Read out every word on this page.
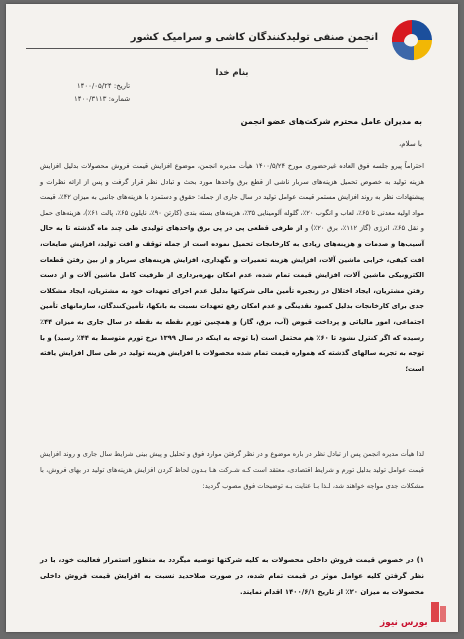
انجمن صنفی تولیدکنندگان کاشی و سرامیک کشور
بنام خدا
تاریخ: ۱۴۰۰/۰۵/۲۴
شماره: ۱۴۰۰/۳۱۱۳
به مدیران عامل محترم شرکت‌های عضو انجمن
با سلام،
احتراماً پیرو جلسه فوق العاده غیرحضوری مورخ ۱۴۰۰/۵/۲۴ هیأت مدیره انجمن، موضوع افزایش قیمت فروش محصولات بدلیل افزایش هزینه تولید به خصوص تحمیل هزینه‌های سربار ناشی از قطع برق واحدها مورد بحث و تبادل نظر قرار گرفت و پس از ارائه نظرات و پیشنهادات نظر به روند افزایش مستمر قیمت عوامل تولید در سال جاری از جمله: حقوق و دستمزد با هزینه‌های جانبی به میزان ۴۲٪، قیمت مواد اولیه معدنی تا ۶۵٪، لعاب و انگوب ۲۰٪، گلوله آلومینایی ۳۵٪، هزینه‌های بسته بندی (کارتن ۹۰٪، نایلون ۶۵٪، پالت ۶۱٪)، هزینه‌های حمل و نقل ۶۵٪، انرژی (گاز ۱۱۲٪، برق ۲۰٪) و از طرفی قطعی پی در پی برق واحدهای تولیدی طی چند ماه گذشته تا به حال آسیب‌ها و صدمات و هزینه‌های زیادی به کارخانجات تحمیل نموده است از جمله توقف و افت تولید، افزایش ضایعات، افت کیفی، خرابی ماشین آلات، افزایش هزینه تعمیرات و نگهداری، افزایش هزینه‌های سربار و از بین رفتن قطعات الکترونیکی ماشین آلات، افزایش قیمت تمام شده، عدم امکان بهره‌برداری از ظرفیت کامل ماشین آلات و از دست رفتن مشتریان، ایجاد اختلال در زنجیره تأمین مالی شرکتها بدلیل عدم اجرای تعهدات خود به مشتریان، ایجاد مشکلات جدی برای کارخانجات بدلیل کمبود نقدینگی و عدم امکان رفع تعهدات نسبت به بانکها، تأمین‌کنندگان، سازمانهای تأمین اجتماعی، امور مالیاتی و پرداخت قبوض (آب، برق، گاز) و همچنین تورم نقطه به نقطه در سال جاری به میزان ۴۴٪ رسیده که اگر کنترل نشود تا ۶۰٪ هم محتمل است (با توجه به اینکه در سال ۱۳۹۹ نرخ تورم متوسط به ۴۴٪ رسید) و با توجه به تجربه سالهای گذشته که همواره قیمت تمام شده محصولات با افزایش هزینه تولید در طی سال افزایش یافته است؛
لذا هیأت مدیره انجمن پس از تبادل نظر در باره موضوع و در نظر گرفتن موارد فوق و تحلیل و پیش بینی شرایط سال جاری و روند افزایش قیمت عوامل تولید بدلیل تورم و شرایط اقتصادی، معتقد است کـه شـرکت هـا بـدون لحاظ کردن افزایش هزینه‌های تولید در بهای فروش، با مشکلات جدی مواجه خواهند شد، لـذا بـا عنایت بـه توضیحات فوق مصوب گردید:
۱) در خصوص قیمت فروش داخلی محصولات به کلیه شرکتها توصیه میگردد به منظور استمرار فعالیت خود، با در نظر گرفتن کلیه عوامل موثر در قیمت تمام شده، در صورت صلاحدید نسبت به افزایش قیمت فروش داخلی محصولات به میزان ۲۰٪ از تاریخ ۱۴۰۰/۶/۱ اقدام نمایند.
بورس نیوز
